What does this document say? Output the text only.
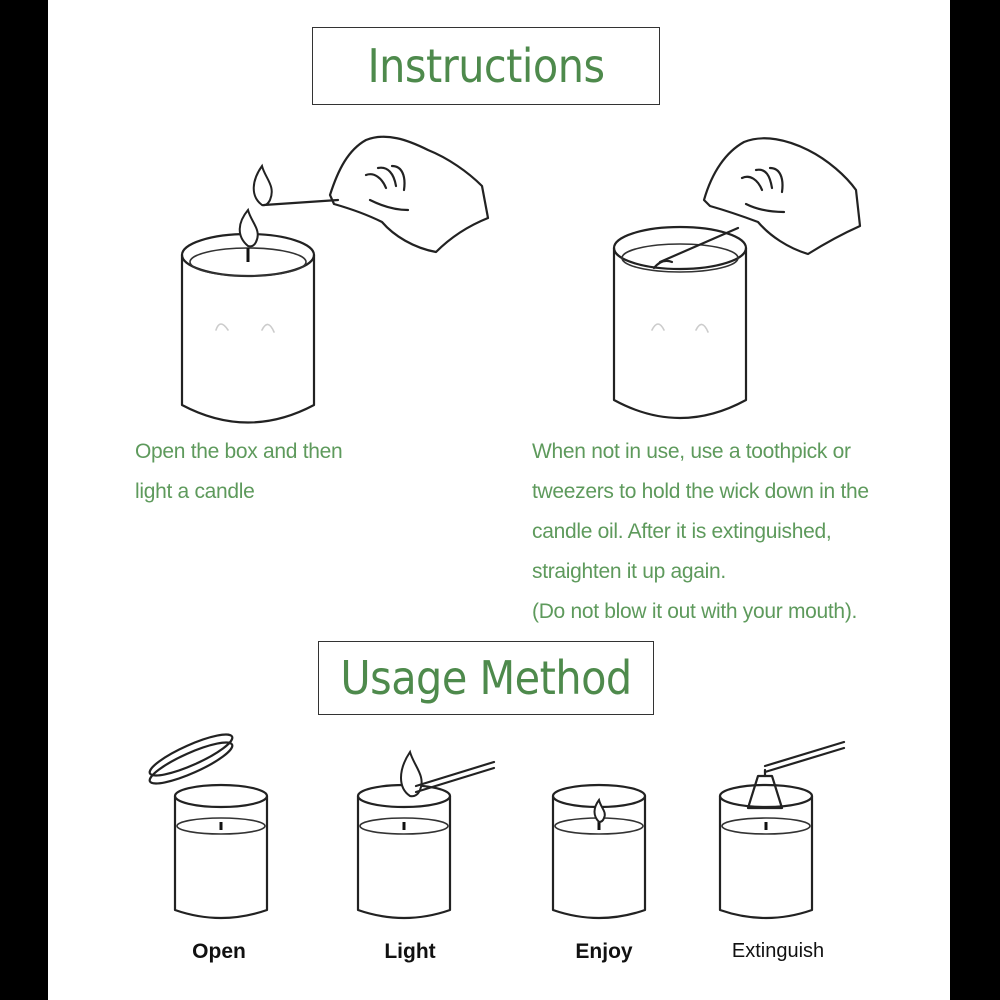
Instructions
Open the box and then
light a candle
When not in use, use a toothpick or
tweezers to hold the wick down in the
candle oil. After it is extinguished,
straighten it up again.
(Do not blow it out with your mouth).
Usage Method
Open	Light	Enjoy	Extinguish
